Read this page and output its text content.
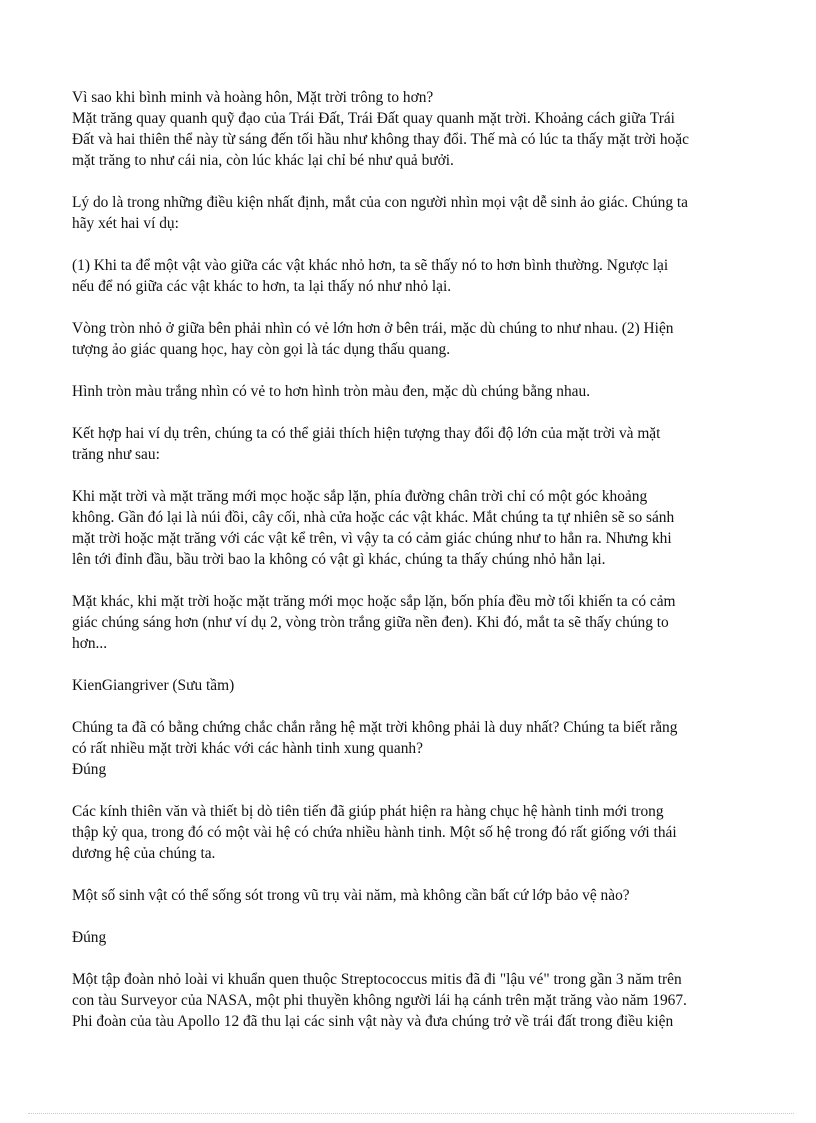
Vì sao khi bình minh và hoàng hôn, Mặt trời trông to hơn?
Mặt trăng quay quanh quỹ đạo của Trái Đất, Trái Đất quay quanh mặt trời. Khoảng cách giữa Trái
Đất và hai thiên thể này từ sáng đến tối hầu như không thay đổi. Thế mà có lúc ta thấy mặt trời hoặc
mặt trăng to như cái nia, còn lúc khác lại chỉ bé như quả bưởi.

Lý do là trong những điều kiện nhất định, mắt của con người nhìn mọi vật dễ sinh ảo giác. Chúng ta
hãy xét hai ví dụ:

(1) Khi ta để một vật vào giữa các vật khác nhỏ hơn, ta sẽ thấy nó to hơn bình thường. Ngược lại
nếu để nó giữa các vật khác to hơn, ta lại thấy nó như nhỏ lại.

Vòng tròn nhỏ ở giữa bên phải nhìn có vẻ lớn hơn ở bên trái, mặc dù chúng to như nhau. (2) Hiện
tượng ảo giác quang học, hay còn gọi là tác dụng thấu quang.

Hình tròn màu trắng nhìn có vẻ to hơn hình tròn màu đen, mặc dù chúng bằng nhau.

Kết hợp hai ví dụ trên, chúng ta có thể giải thích hiện tượng thay đổi độ lớn của mặt trời và mặt
trăng như sau:

Khi mặt trời và mặt trăng mới mọc hoặc sắp lặn, phía đường chân trời chỉ có một góc khoảng
không. Gần đó lại là núi đồi, cây cối, nhà cửa hoặc các vật khác. Mắt chúng ta tự nhiên sẽ so sánh
mặt trời hoặc mặt trăng với các vật kể trên, vì vậy ta có cảm giác chúng như to hẳn ra. Nhưng khi
lên tới đỉnh đầu, bầu trời bao la không có vật gì khác, chúng ta thấy chúng nhỏ hẳn lại.

Mặt khác, khi mặt trời hoặc mặt trăng mới mọc hoặc sắp lặn, bốn phía đều mờ tối khiến ta có cảm
giác chúng sáng hơn (như ví dụ 2, vòng tròn trắng giữa nền đen). Khi đó, mắt ta sẽ thấy chúng to
hơn...

KienGiangriver (Sưu tầm)

Chúng ta đã có bằng chứng chắc chắn rằng hệ mặt trời không phải là duy nhất? Chúng ta biết rằng
có rất nhiều mặt trời khác với các hành tinh xung quanh?
Đúng

Các kính thiên văn và thiết bị dò tiên tiến đã giúp phát hiện ra hàng chục hệ hành tinh mới trong
thập kỷ qua, trong đó có một vài hệ có chứa nhiều hành tinh. Một số hệ trong đó rất giống với thái
dương hệ của chúng ta.

Một số sinh vật có thể sống sót trong vũ trụ vài năm, mà không cần bất cứ lớp bảo vệ nào?

Đúng

Một tập đoàn nhỏ loài vi khuẩn quen thuộc Streptococcus mitis đã đi "lậu vé" trong gần 3 năm trên
con tàu Surveyor của NASA, một phi thuyền không người lái hạ cánh trên mặt trăng vào năm 1967.
Phi đoàn của tàu Apollo 12 đã thu lại các sinh vật này và đưa chúng trở về trái đất trong điều kiện
